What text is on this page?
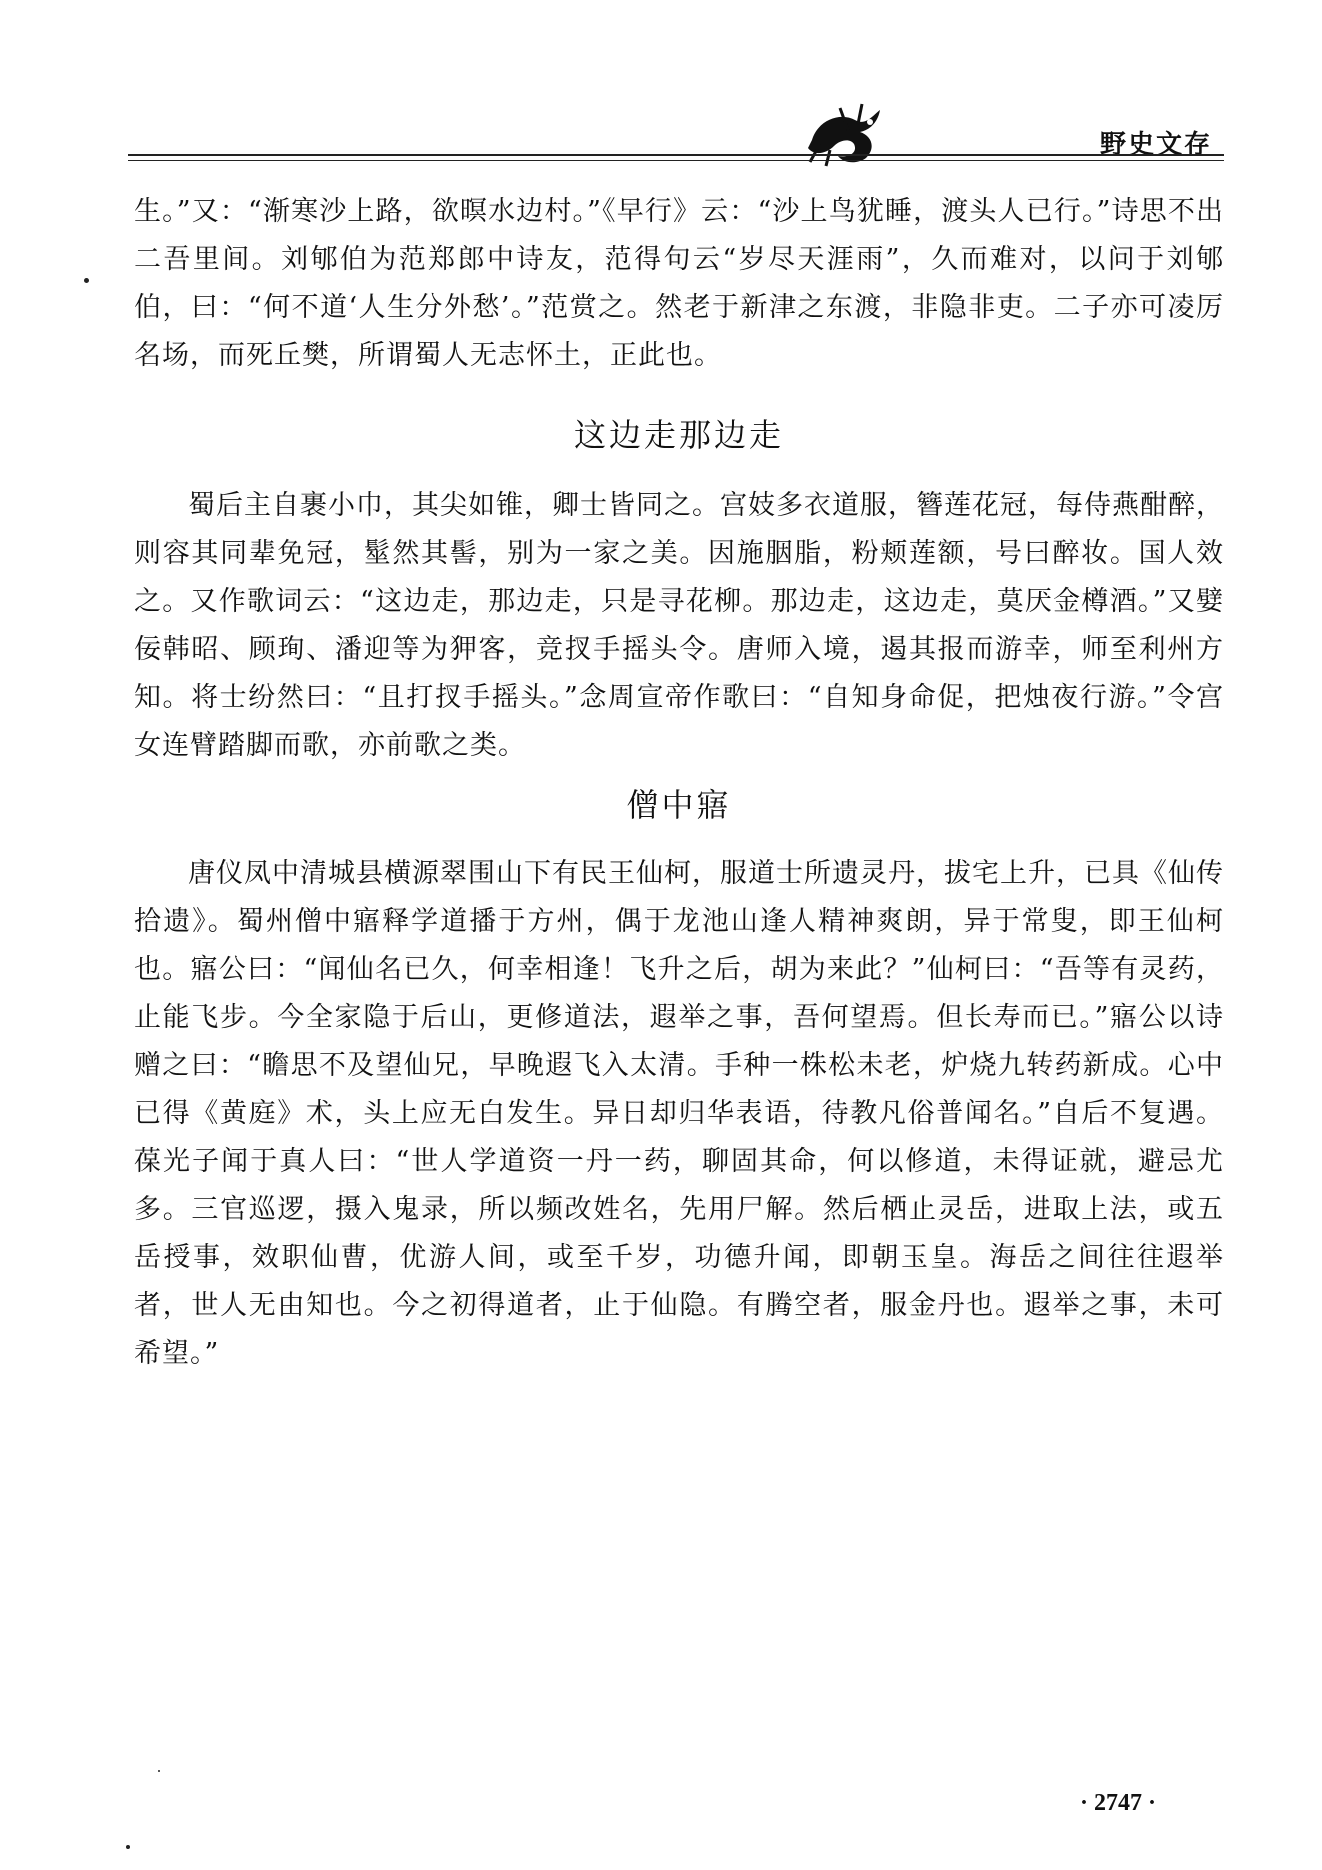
野史文存

生。”又：“渐寒沙上路，欲暝水边村。”《早行》云：“沙上鸟犹睡，渡头人已行。”诗思不出二吾里间。刘郇伯为范郑郎中诗友，范得句云“岁尽天涯雨”，久而难对，以问于刘郇伯，曰：“何不道‘人生分外愁’。”范赏之。然老于新津之东渡，非隐非吏。二子亦可凌厉名场，而死丘樊，所谓蜀人无志怀土，正此也。

这边走那边走

蜀后主自裹小巾，其尖如锥，卿士皆同之。宫妓多衣道服，簪莲花冠，每侍燕酣醉，则容其同辈免冠，髽然其髻，别为一家之美。因施胭脂，粉颊莲额，号曰醉妆。国人效之。又作歌词云：“这边走，那边走，只是寻花柳。那边走，这边走，莫厌金樽酒。”又嬖佞韩昭、顾珣、潘迎等为狎客，竞扠手摇头令。唐师入境，遏其报而游幸，师至利州方知。将士纷然曰：“且打扠手摇头。”念周宣帝作歌曰：“自知身命促，把烛夜行游。”令宫女连臂踏脚而歌，亦前歌之类。

僧中寤

唐仪凤中清城县横源翠围山下有民王仙柯，服道士所遗灵丹，拔宅上升，已具《仙传拾遗》。蜀州僧中寤释学道播于方州，偶于龙池山逢人精神爽朗，异于常叟，即王仙柯也。寤公曰：“闻仙名已久，何幸相逢！飞升之后，胡为来此？”仙柯曰：“吾等有灵药，止能飞步。今全家隐于后山，更修道法，遐举之事，吾何望焉。但长寿而已。”寤公以诗赠之曰：“瞻思不及望仙兄，早晚遐飞入太清。手种一株松未老，炉烧九转药新成。心中已得《黄庭》术，头上应无白发生。异日却归华表语，待教凡俗普闻名。”自后不复遇。葆光子闻于真人曰：“世人学道资一丹一药，聊固其命，何以修道，未得证就，避忌尤多。三官巡逻，摄入鬼录，所以频改姓名，先用尸解。然后栖止灵岳，进取上法，或五岳授事，效职仙曹，优游人间，或至千岁，功德升闻，即朝玉皇。海岳之间往往遐举者，世人无由知也。今之初得道者，止于仙隐。有腾空者，服金丹也。遐举之事，未可希望。”

· 2747 ·
